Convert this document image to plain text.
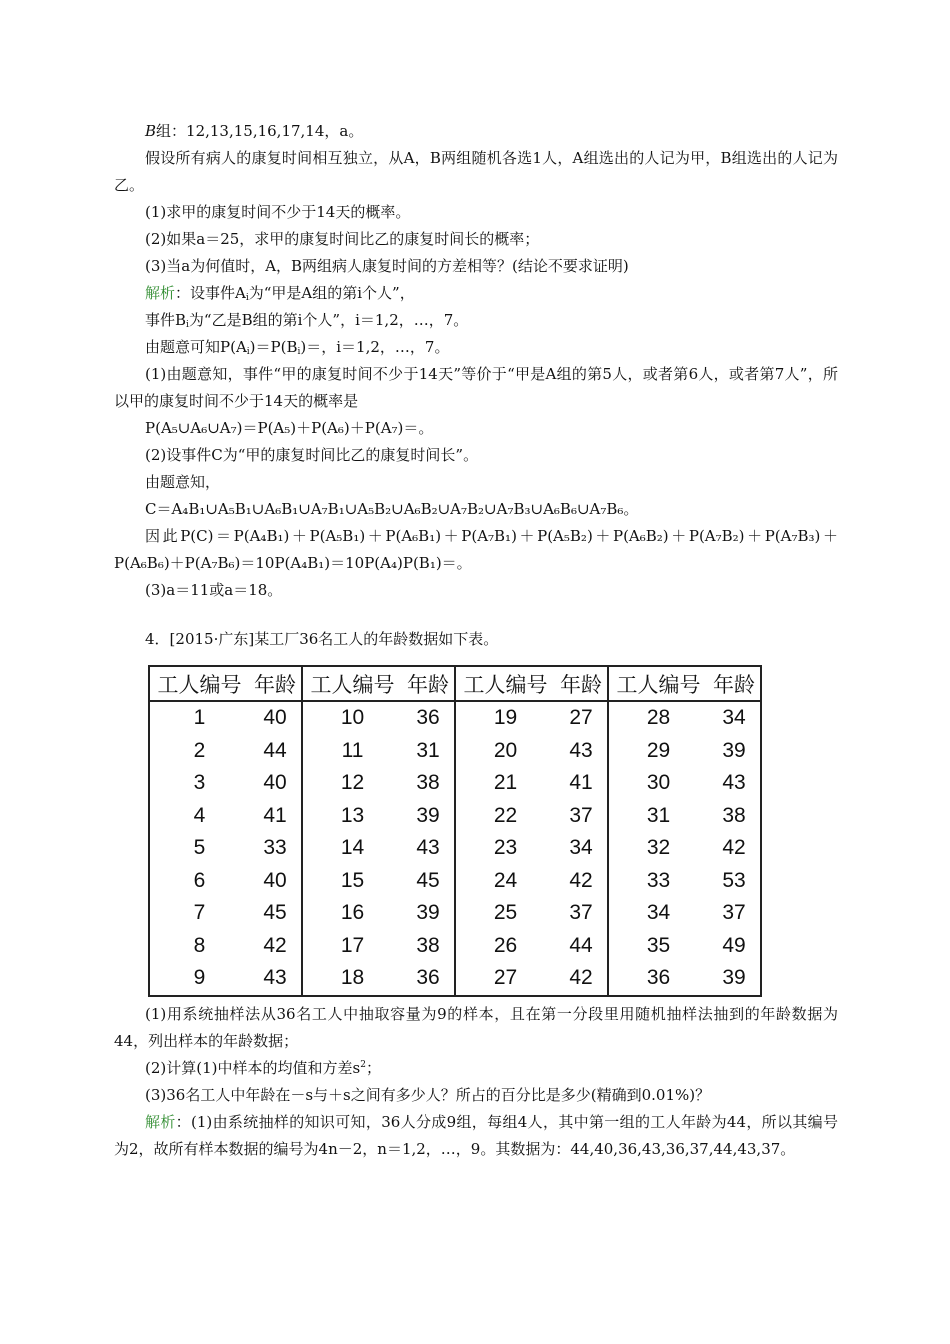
B组：12,13,15,16,17,14，a。

假设所有病人的康复时间相互独立，从A，B两组随机各选1人，A组选出的人记为甲，B组选出的人记为乙。

(1)求甲的康复时间不少于14天的概率。

(2)如果a＝25，求甲的康复时间比乙的康复时间长的概率；

(3)当a为何值时，A，B两组病人康复时间的方差相等？(结论不要求证明)

解析：设事件$A_i$为“甲是A组的第i个人”，

事件$B_i$为“乙是B组的第i个人”，i＝1,2，…，7。

由题意可知$P(A_i)=P(B_i)=$，i＝1,2，…，7。

(1)由题意知，事件“甲的康复时间不少于14天”等价于“甲是A组的第5人，或者第6人，或者第7人”，所以甲的康复时间不少于14天的概率是

P(A₅∪A₆∪A₇)＝P(A₅)＋P(A₆)＋P(A₇)＝。

(2)设事件C为“甲的康复时间比乙的康复时间长”。

由题意知，

C＝A₄B₁∪A₅B₁∪A₆B₁∪A₇B₁∪A₅B₂∪A₆B₂∪A₇B₂∪A₇B₃∪A₆B₆∪A₇B₆。

因此P(C)＝P(A₄B₁)＋P(A₅B₁)＋P(A₆B₁)＋P(A₇B₁)＋P(A₅B₂)＋P(A₆B₂)＋P(A₇B₂)＋P(A₇B₃)＋P(A₆B₆)＋P(A₇B₆)＝10P(A₄B₁)＝10P(A₄)P(B₁)＝。

(3)a＝11或a＝18。

4．[2015·广东]某工厂36名工人的年龄数据如下表。

工人编号	年龄	工人编号	年龄	工人编号	年龄	工人编号	年龄
1	40	10	36	19	27	28	34
2	44	11	31	20	43	29	39
3	40	12	38	21	41	30	43
4	41	13	39	22	37	31	38
5	33	14	43	23	34	32	42
6	40	15	45	24	42	33	53
7	45	16	39	25	37	34	37
8	42	17	38	26	44	35	49
9	43	18	36	27	42	36	39

(1)用系统抽样法从36名工人中抽取容量为9的样本，且在第一分段里用随机抽样法抽到的年龄数据为44，列出样本的年龄数据；

(2)计算(1)中样本的均值和方差$s^2$；

(3)36名工人中年龄在－s与＋s之间有多少人？所占的百分比是多少(精确到0.01%)？

解析：(1)由系统抽样的知识可知，36人分成9组，每组4人，其中第一组的工人年龄为44，所以其编号为2，故所有样本数据的编号为4n－2，n＝1,2，…，9。其数据为：44,40,36,43,36,37,44,43,37。
